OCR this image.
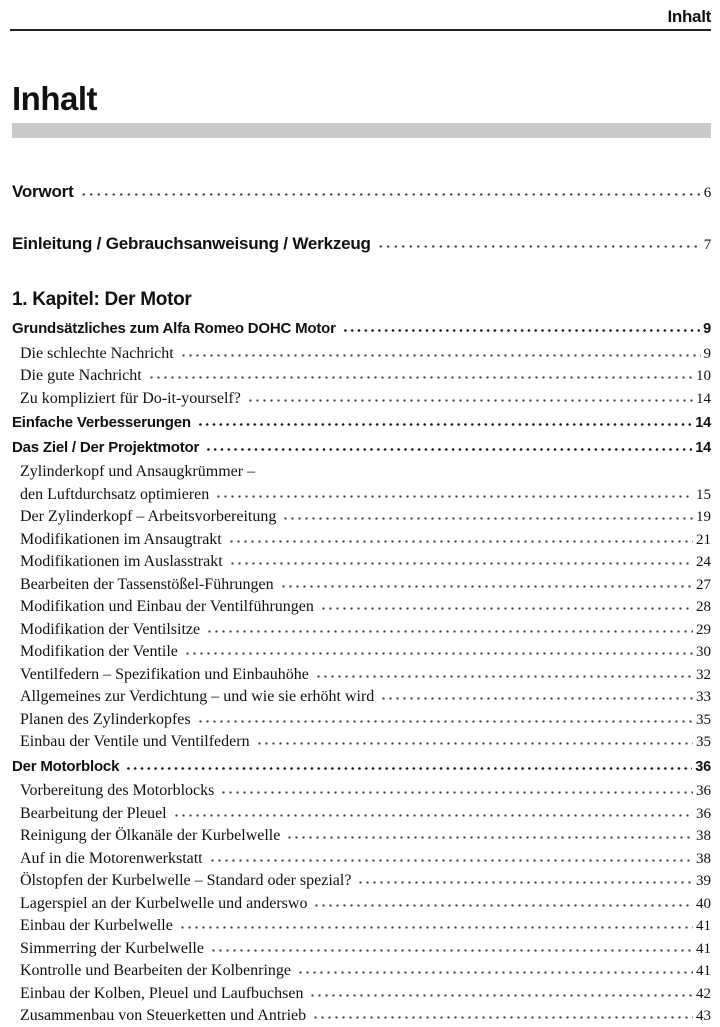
Inhalt
Inhalt
Vorwort	6
Einleitung / Gebrauchsanweisung / Werkzeug	7
1. Kapitel: Der Motor
Grundsätzliches zum Alfa Romeo DOHC Motor	9
Die schlechte Nachricht	9
Die gute Nachricht	10
Zu kompliziert für Do-it-yourself?	14
Einfache Verbesserungen	14
Das Ziel / Der Projektmotor	14
Zylinderkopf und Ansaugkrümmer –
den Luftdurchsatz optimieren	15
Der Zylinderkopf – Arbeitsvorbereitung	19
Modifikationen im Ansaugtrakt	21
Modifikationen im Auslasstrakt	24
Bearbeiten der Tassenstößel-Führungen	27
Modifikation und Einbau der Ventilführungen	28
Modifikation der Ventilsitze	29
Modifikation der Ventile	30
Ventilfedern – Spezifikation und Einbauhöhe	32
Allgemeines zur Verdichtung – und wie sie erhöht wird	33
Planen des Zylinderkopfes	35
Einbau der Ventile und Ventilfedern	35
Der Motorblock	36
Vorbereitung des Motorblocks	36
Bearbeitung der Pleuel	36
Reinigung der Ölkanäle der Kurbelwelle	38
Auf in die Motorenwerkstatt	38
Ölstopfen der Kurbelwelle – Standard oder spezial?	39
Lagerspiel an der Kurbelwelle und anderswo	40
Einbau der Kurbelwelle	41
Simmerring der Kurbelwelle	41
Kontrolle und Bearbeiten der Kolbenringe	41
Einbau der Kolben, Pleuel und Laufbuchsen	42
Zusammenbau von Steuerketten und Antrieb	43
